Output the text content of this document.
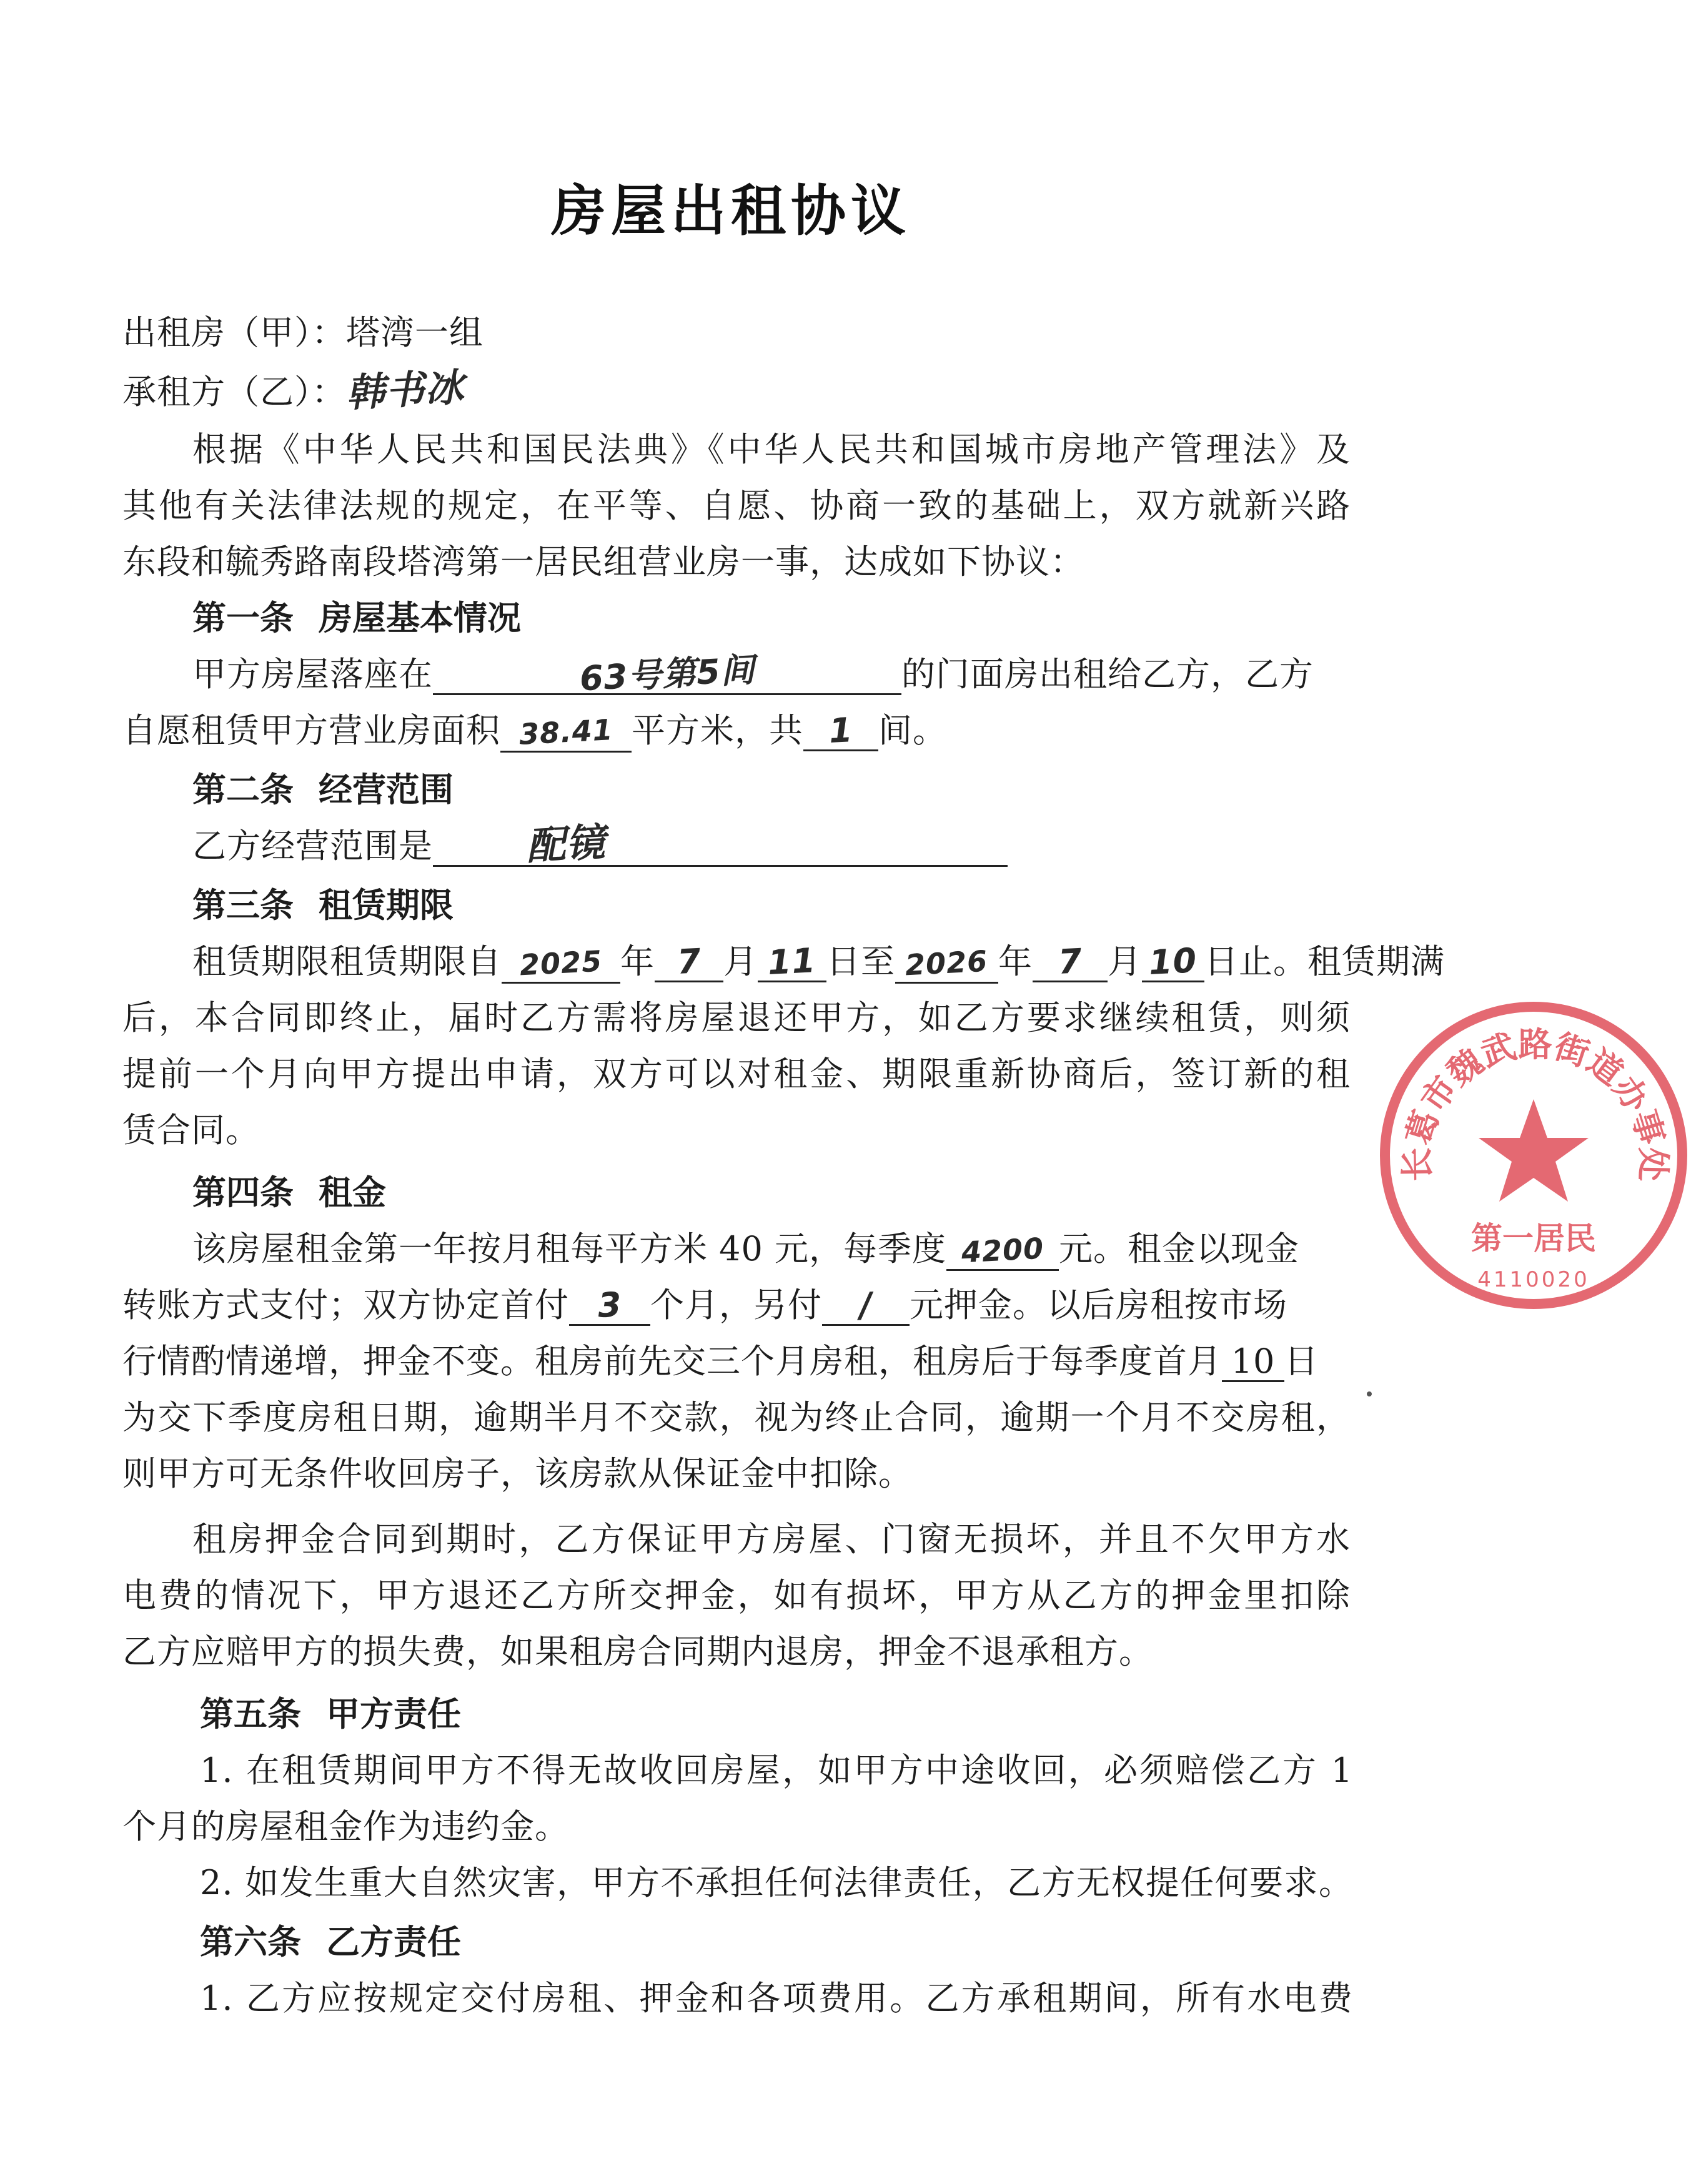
房屋出租协议
出租房（甲）：塔湾一组
承租方（乙）：韩书冰
根据《中华人民共和国民法典》《中华人民共和国城市房地产管理法》及
其他有关法律法规的规定，在平等、自愿、协商一致的基础上，双方就新兴路
东段和毓秀路南段塔湾第一居民组营业房一事，达成如下协议：
第一条 房屋基本情况
甲方房屋落座在	63号第5间	的门面房出租给乙方，乙方
自愿租赁甲方营业房面积 38.41 平方米，共 1 间。
第二条 经营范围
乙方经营范围是 配镜
第三条 租赁期限
租赁期限租赁期限自 2025 年 7 月 11 日至 2026 年 7 月 10 日止。租赁期满
后，本合同即终止，届时乙方需将房屋退还甲方，如乙方要求继续租赁，则须
提前一个月向甲方提出申请，双方可以对租金、期限重新协商后，签订新的租
赁合同。
第四条 租金
该房屋租金第一年按月租每平方米 40 元，每季度 4200 元。租金以现金
转账方式支付；双方协定首付 3 个月，另付 / 元押金。以后房租按市场
行情酌情递增，押金不变。租房前先交三个月房租，租房后于每季度首月 10 日
为交下季度房租日期，逾期半月不交款，视为终止合同，逾期一个月不交房租，
则甲方可无条件收回房子，该房款从保证金中扣除。
租房押金合同到期时，乙方保证甲方房屋、门窗无损坏，并且不欠甲方水
电费的情况下，甲方退还乙方所交押金，如有损坏，甲方从乙方的押金里扣除
乙方应赔甲方的损失费，如果租房合同期内退房，押金不退承租方。
第五条 甲方责任
1. 在租赁期间甲方不得无故收回房屋，如甲方中途收回，必须赔偿乙方 1
个月的房屋租金作为违约金。
2. 如发生重大自然灾害，甲方不承担任何法律责任，乙方无权提任何要求。
第六条 乙方责任
1. 乙方应按规定交付房租、押金和各项费用。乙方承租期间，所有水电费
长葛市魏武路街道办事处
第一居民
4110020
